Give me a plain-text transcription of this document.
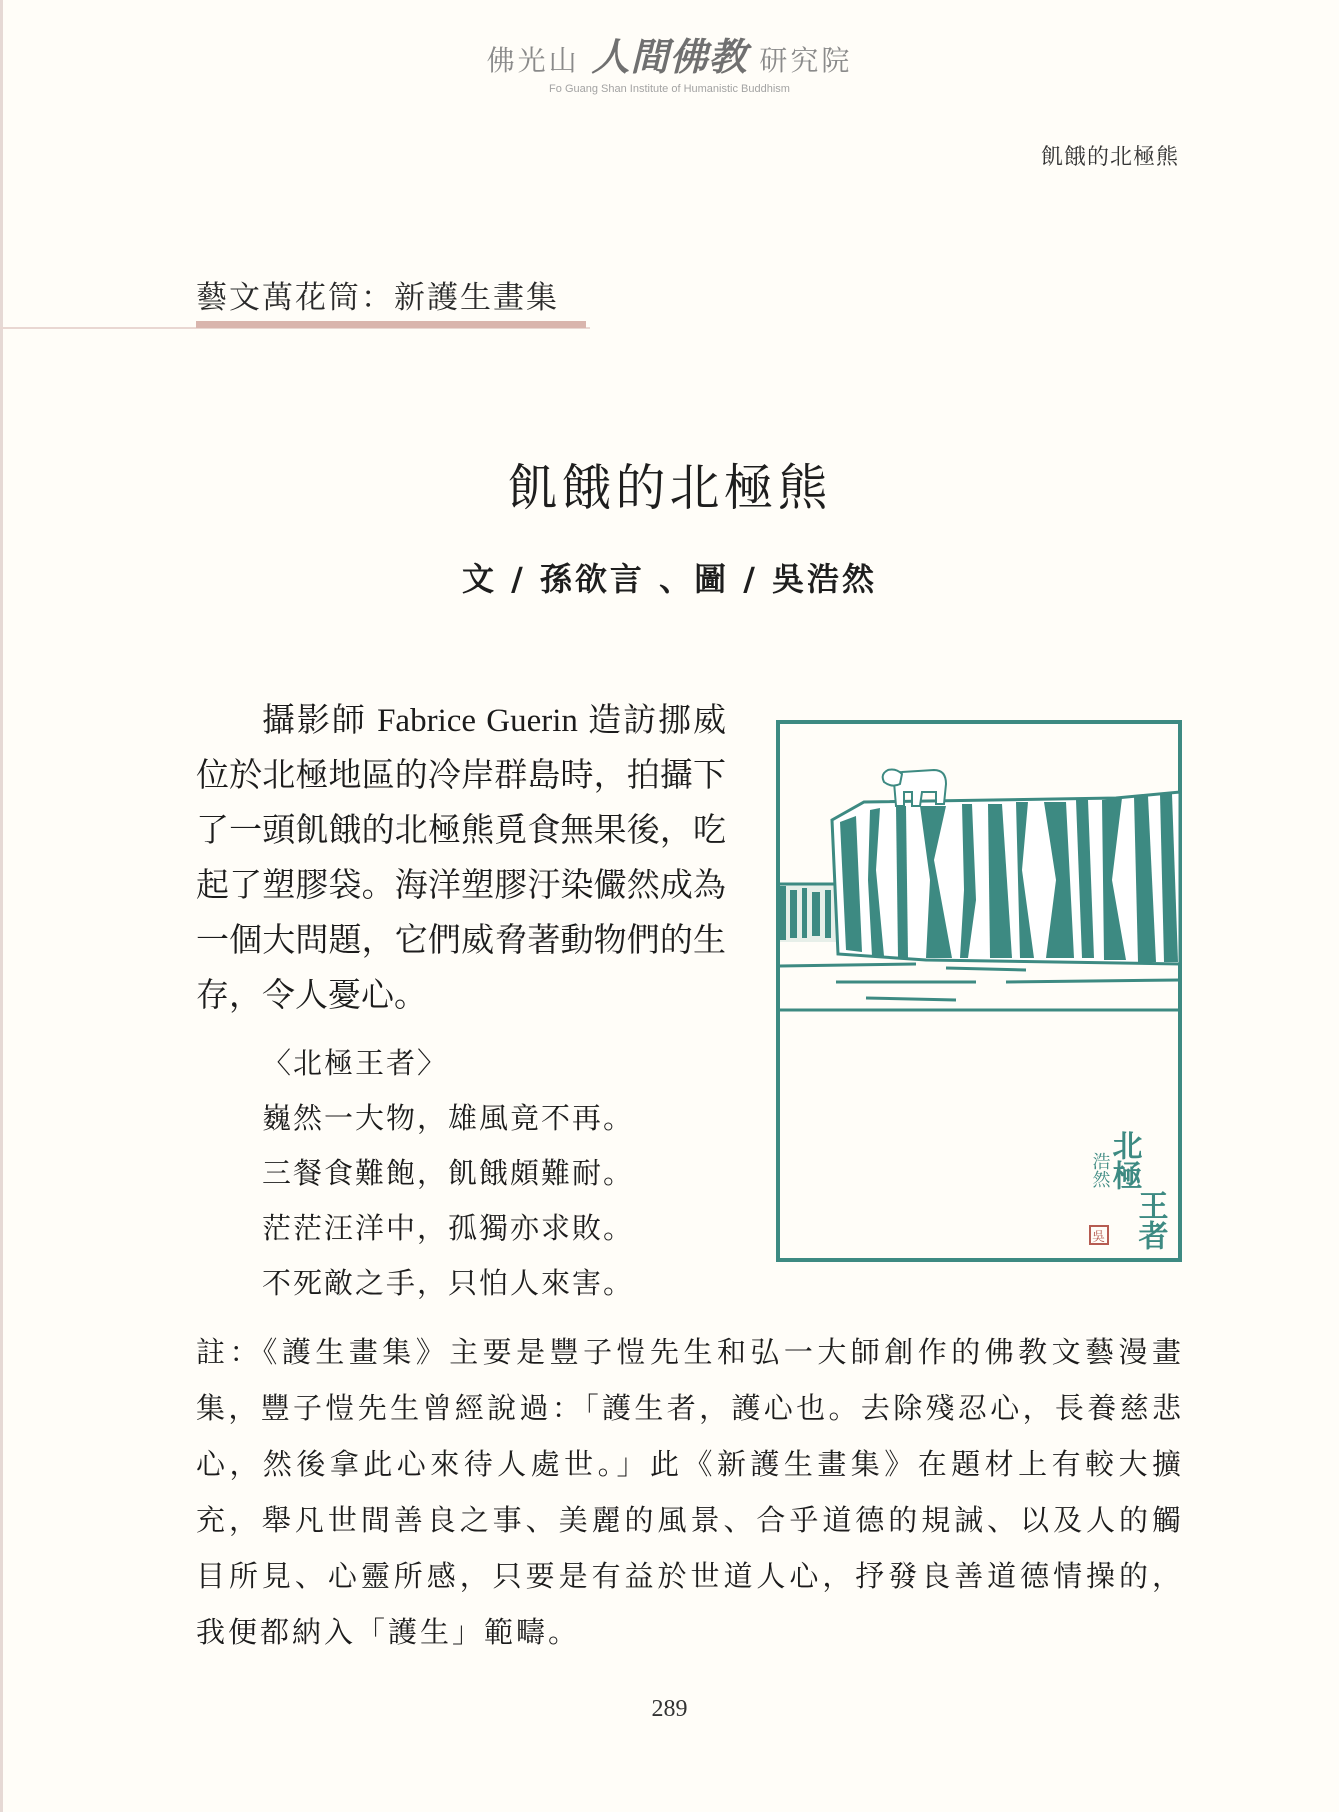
佛光山 人間佛教 研究院
Fo Guang Shan Institute of Humanistic Buddhism
飢餓的北極熊
藝文萬花筒：新護生畫集
飢餓的北極熊
文 / 孫欲言 、圖 / 吳浩然

攝影師 Fabrice Guerin 造訪挪威位於北極地區的冷岸群島時，拍攝下了一頭飢餓的北極熊覓食無果後，吃起了塑膠袋。海洋塑膠汙染儼然成為一個大問題，它們威脅著動物們的生存，令人憂心。

〈北極王者〉
巍然一大物，雄風竟不再。
三餐食難飽，飢餓頗難耐。
茫茫汪洋中，孤獨亦求敗。
不死敵之手，只怕人來害。
北極
王者
浩然
吳

註：《護生畫集》主要是豐子愷先生和弘一大師創作的佛教文藝漫畫集，豐子愷先生曾經說過：「護生者，護心也。去除殘忍心，長養慈悲心，然後拿此心來待人處世。」此《新護生畫集》在題材上有較大擴充，舉凡世間善良之事、美麗的風景、合乎道德的規誡、以及人的觸目所見、心靈所感，只要是有益於世道人心，抒發良善道德情操的，我便都納入「護生」範疇。

289
